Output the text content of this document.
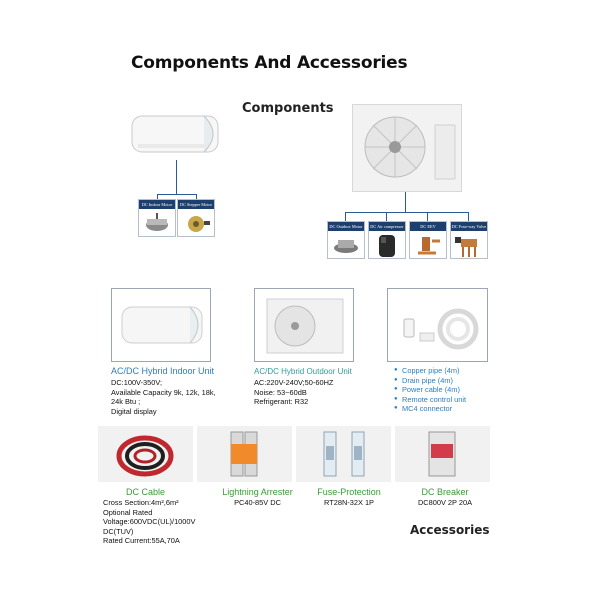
Components And Accessories
Components
DC Indoor Motor	DC Stepper Motor
DC Outdoor Motor	DC Air compressor	DC EEV	DC Four-way Valve
AC/DC Hybrid Indoor Unit
DC:100V-350V;
Available Capacity 9k, 12k, 18k,
24k Btu ;
Digital display
AC/DC Hybrid Outdoor Unit
AC:220V-240V;50-60HZ
Noise: 53~60dB
Refrigerant: R32
● Copper pipe (4m)
● Drain pipe (4m)
● Power cable (4m)
● Remote control unit
● MC4 connector
DC Cable
Cross Section:4m²,6m²
Optional Rated
Voltage:600VDC(UL)/1000V
DC(TUV)
Rated Current:55A,70A
Lightning Arrester
PC40-85V DC
Fuse-Protection
RT28N-32X 1P
DC Breaker
DC800V 2P 20A
Accessories
